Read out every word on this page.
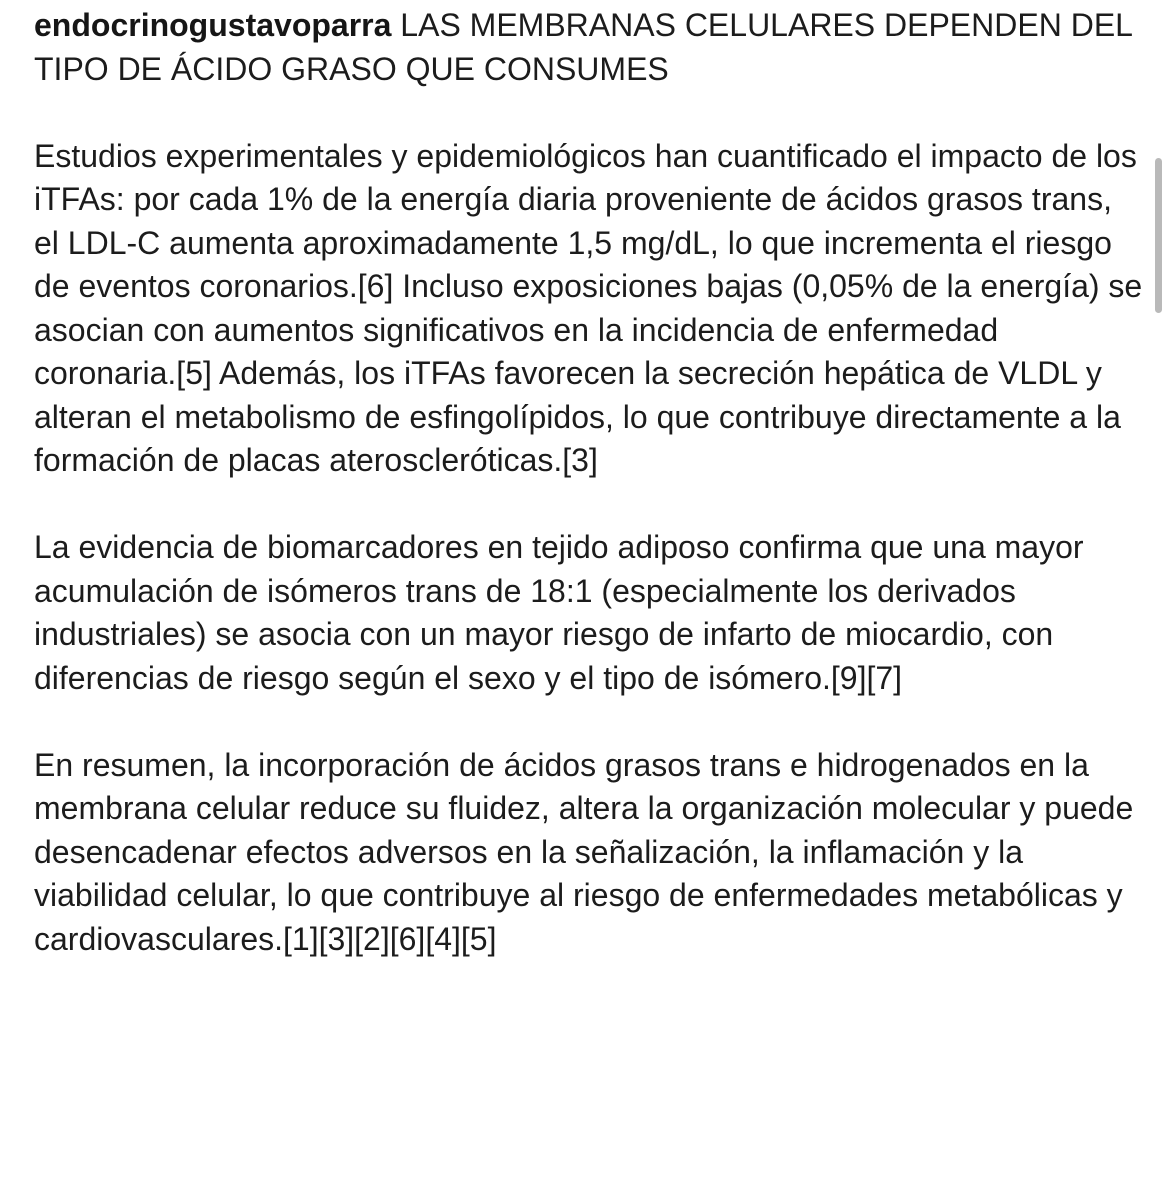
endocrinogustavoparra LAS MEMBRANAS CELULARES DEPENDEN DEL TIPO DE ÁCIDO GRASO QUE CONSUMES

Estudios experimentales y epidemiológicos han cuantificado el impacto de los iTFAs: por cada 1% de la energía diaria proveniente de ácidos grasos trans, el LDL-C aumenta aproximadamente 1,5 mg/dL, lo que incrementa el riesgo de eventos coronarios.[6] Incluso exposiciones bajas (0,05% de la energía) se asocian con aumentos significativos en la incidencia de enfermedad coronaria.[5] Además, los iTFAs favorecen la secreción hepática de VLDL y alteran el metabolismo de esfingolípidos, lo que contribuye directamente a la formación de placas ateroscleróticas.[3]

La evidencia de biomarcadores en tejido adiposo confirma que una mayor acumulación de isómeros trans de 18:1 (especialmente los derivados industriales) se asocia con un mayor riesgo de infarto de miocardio, con diferencias de riesgo según el sexo y el tipo de isómero.[9][7]

En resumen, la incorporación de ácidos grasos trans e hidrogenados en la membrana celular reduce su fluidez, altera la organización molecular y puede desencadenar efectos adversos en la señalización, la inflamación y la viabilidad celular, lo que contribuye al riesgo de enfermedades metabólicas y cardiovasculares.[1][3][2][6][4][5]
